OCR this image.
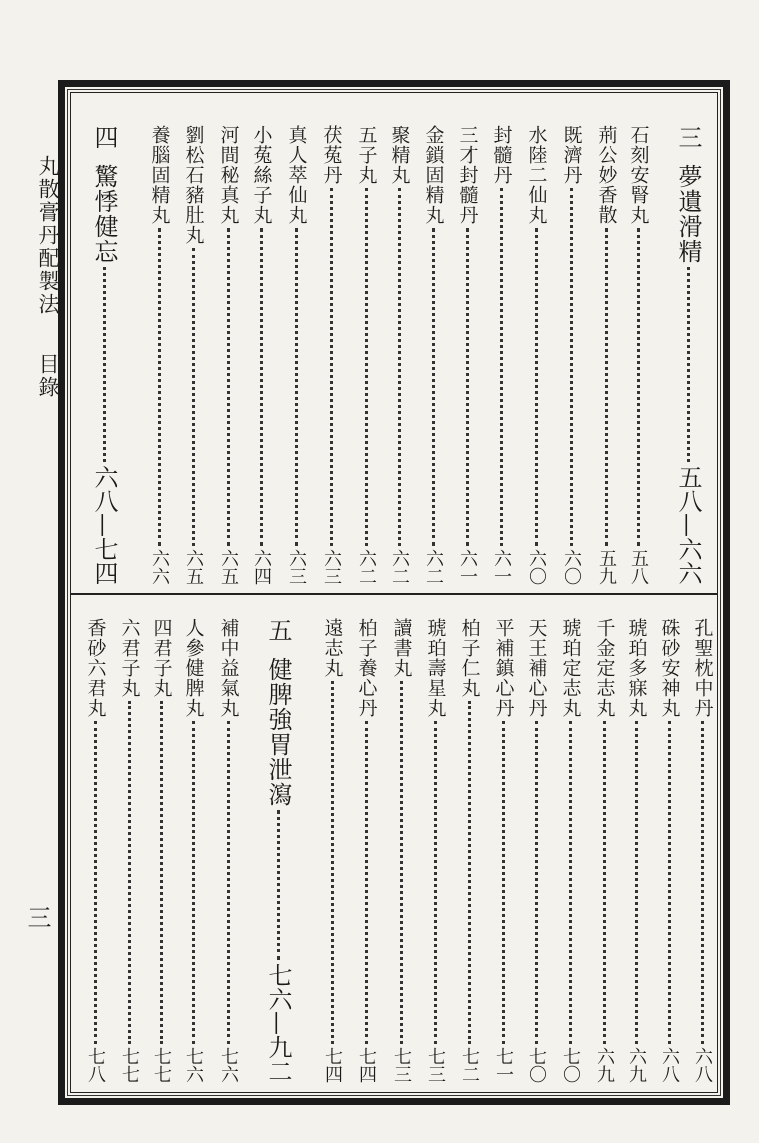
丸散膏丹配製法 目錄
三
三
夢遺滑精
五八—六六
石刻安腎丸
五八
荊公妙香散
五九
既濟丹
六〇
水陸二仙丸
六〇
封髓丹
六一
三才封髓丹
六一
金鎖固精丸
六二
聚精丸
六二
五子丸
六二
茯菟丹
六三
真人萃仙丸
六三
小菟絲子丸
六四
河間秘真丸
六五
劉松石豬肚丸
六五
養腦固精丸
六六
四
驚悸健忘
六八—七四
孔聖枕中丹
六八
硃砂安神丸
六八
琥珀多寐丸
六九
千金定志丸
六九
琥珀定志丸
七〇
天王補心丹
七〇
平補鎮心丹
七一
柏子仁丸
七二
琥珀壽星丸
七三
讀書丸
七三
柏子養心丹
七四
遠志丸
七四
五
健脾強胃泄瀉
七六—九二
補中益氣丸
七六
人參健脾丸
七六
四君子丸
七七
六君子丸
七七
香砂六君丸
七八
